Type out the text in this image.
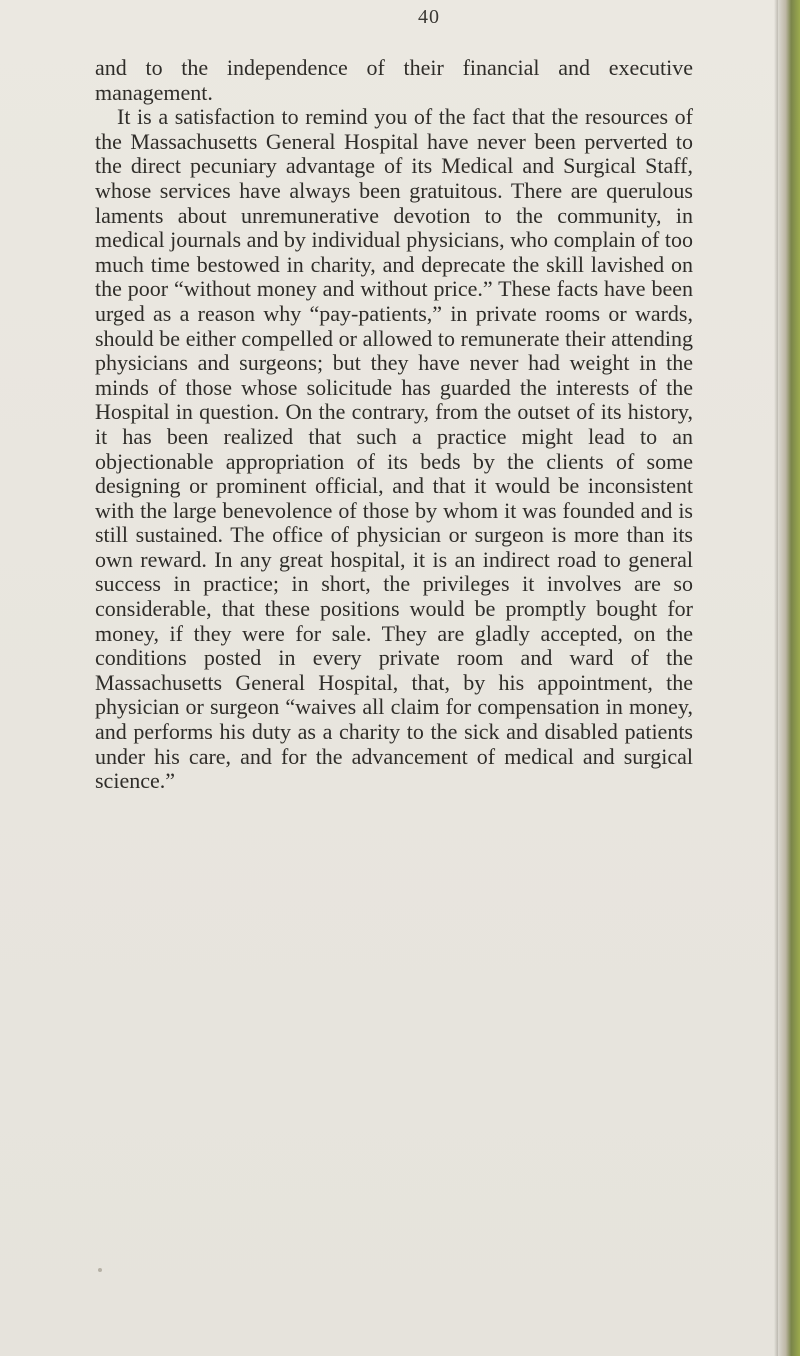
40

and to the independence of their financial and executive management.

It is a satisfaction to remind you of the fact that the resources of the Massachusetts General Hospital have never been perverted to the direct pecuniary advantage of its Medical and Surgical Staff, whose services have always been gratuitous. There are querulous laments about unremunerative devotion to the community, in medical journals and by individual physicians, who complain of too much time bestowed in charity, and deprecate the skill lavished on the poor “without money and without price.” These facts have been urged as a reason why “pay-patients,” in private rooms or wards, should be either compelled or allowed to remunerate their attending physicians and surgeons; but they have never had weight in the minds of those whose solicitude has guarded the interests of the Hospital in question. On the contrary, from the outset of its history, it has been realized that such a practice might lead to an objectionable appropriation of its beds by the clients of some designing or prominent official, and that it would be inconsistent with the large benevolence of those by whom it was founded and is still sustained. The office of physician or surgeon is more than its own reward. In any great hospital, it is an indirect road to general success in practice; in short, the privileges it involves are so considerable, that these positions would be promptly bought for money, if they were for sale. They are gladly accepted, on the conditions posted in every private room and ward of the Massachusetts General Hospital, that, by his appointment, the physician or surgeon “waives all claim for compensation in money, and performs his duty as a charity to the sick and disabled patients under his care, and for the advancement of medical and surgical science.”
